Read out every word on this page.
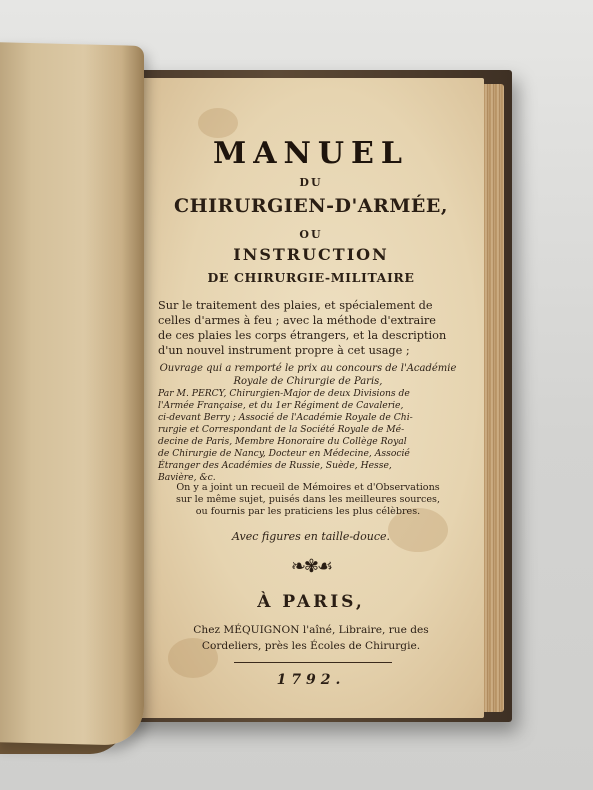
MANUEL
DU
CHIRURGIEN-D'ARMÉE,
OU
INSTRUCTION
DE CHIRURGIE-MILITAIRE
Sur le traitement des plaies, et spécialement de
celles d'armes à feu ; avec la méthode d'extraire
de ces plaies les corps étrangers, et la description
d'un nouvel instrument propre à cet usage ;
Ouvrage qui a remporté le prix au concours de l'Académie
Royale de Chirurgie de Paris,
Par M. PERCY, Chirurgien-Major de deux Divisions de
l'Armée Française, et du 1er Régiment de Cavalerie,
ci-devant Berry ; Associé de l'Académie Royale de Chi-
rurgie et Correspondant de la Société Royale de Mé-
decine de Paris, Membre Honoraire du Collège Royal
de Chirurgie de Nancy, Docteur en Médecine, Associé
Étranger des Académies de Russie, Suède, Hesse,
Bavière, &c.
On y a joint un recueil de Mémoires et d'Observations
sur le même sujet, puisés dans les meilleures sources,
ou fournis par les praticiens les plus célèbres.
Avec figures en taille-douce.
❧✾☙
À PARIS,
Chez MÉQUIGNON l'aîné, Libraire, rue des
Cordeliers, près les Écoles de Chirurgie.
1792.
